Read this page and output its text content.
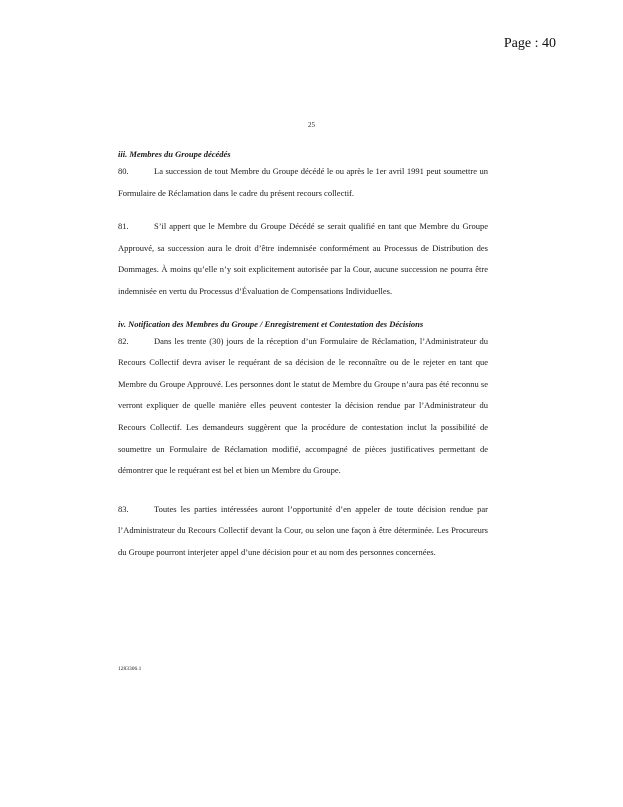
Page : 40
25

iii. Membres du Groupe décédés

80.	La succession de tout Membre du Groupe décédé le ou après le 1er avril 1991 peut soumettre un Formulaire de Réclamation dans le cadre du présent recours collectif.

81.	S’il appert que le Membre du Groupe Décédé se serait qualifié en tant que Membre du Groupe Approuvé, sa succession aura le droit d’être indemnisée conformément au Processus de Distribution des Dommages. À moins qu’elle n’y soit explicitement autorisée par la Cour, aucune succession ne pourra être indemnisée en vertu du Processus d’Évaluation de Compensations Individuelles.

iv. Notification des Membres du Groupe / Enregistrement et Contestation des Décisions

82.	Dans les trente (30) jours de la réception d’un Formulaire de Réclamation, l’Administrateur du Recours Collectif devra aviser le requérant de sa décision de le reconnaître ou de le rejeter en tant que Membre du Groupe Approuvé. Les personnes dont le statut de Membre du Groupe n’aura pas été reconnu se verront expliquer de quelle manière elles peuvent contester la décision rendue par l’Administrateur du Recours Collectif. Les demandeurs suggèrent que la procédure de contestation inclut la possibilité de soumettre un Formulaire de Réclamation modifié, accompagné de pièces justificatives permettant de démontrer que le requérant est bel et bien un Membre du Groupe.

83.	Toutes les parties intéressées auront l’opportunité d’en appeler de toute décision rendue par l’Administrateur du Recours Collectif devant la Cour, ou selon une façon à être déterminée. Les Procureurs du Groupe pourront interjeter appel d’une décision pour et au nom des personnes concernées.

1283306.1
